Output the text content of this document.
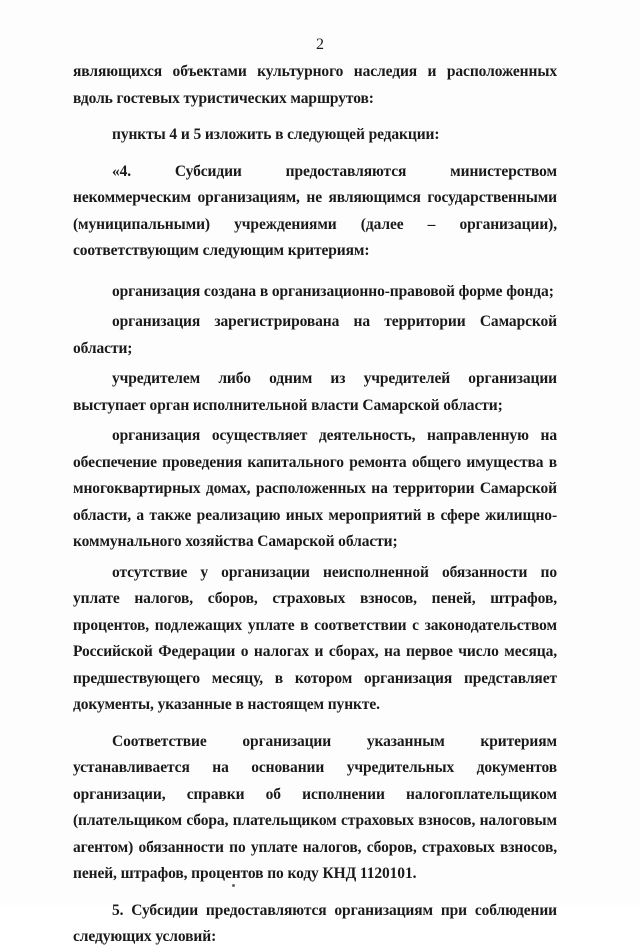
2

являющихся объектами культурного наследия и расположенных вдоль гостевых туристических маршрутов:

пункты 4 и 5 изложить в следующей редакции:

«4. Субсидии предоставляются министерством некоммерческим организациям, не являющимся государственными (муниципальными) учреждениями (далее – организации), соответствующим следующим критериям:

организация создана в организационно-правовой форме фонда;

организация зарегистрирована на территории Самарской области;

учредителем либо одним из учредителей организации выступает орган исполнительной власти Самарской области;

организация осуществляет деятельность, направленную на обеспечение проведения капитального ремонта общего имущества в многоквартирных домах, расположенных на территории Самарской области, а также реализацию иных мероприятий в сфере жилищно-коммунального хозяйства Самарской области;

отсутствие у организации неисполненной обязанности по уплате налогов, сборов, страховых взносов, пеней, штрафов, процентов, подлежащих уплате в соответствии с законодательством Российской Федерации о налогах и сборах, на первое число месяца, предшествующего месяцу, в котором организация представляет документы, указанные в настоящем пункте.

Соответствие организации указанным критериям устанавливается на основании учредительных документов организации, справки об исполнении налогоплательщиком (плательщиком сбора, плательщиком страховых взносов, налоговым агентом) обязанности по уплате налогов, сборов, страховых взносов, пеней, штрафов, процентов по коду КНД 1120101.

5. Субсидии предоставляются организациям при соблюдении следующих условий:
